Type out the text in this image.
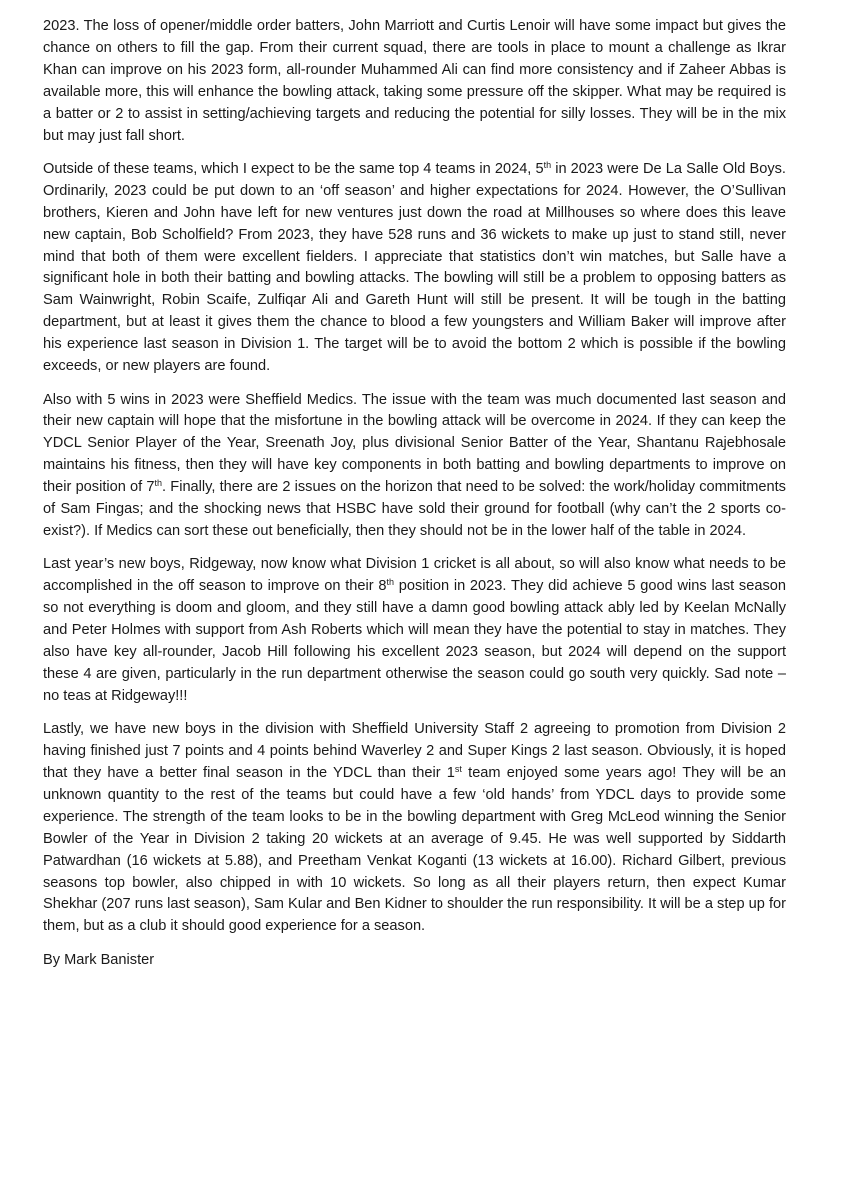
2023. The loss of opener/middle order batters, John Marriott and Curtis Lenoir will have some impact but gives the chance on others to fill the gap. From their current squad, there are tools in place to mount a challenge as Ikrar Khan can improve on his 2023 form, all-rounder Muhammed Ali can find more consistency and if Zaheer Abbas is available more, this will enhance the bowling attack, taking some pressure off the skipper. What may be required is a batter or 2 to assist in setting/achieving targets and reducing the potential for silly losses. They will be in the mix but may just fall short.

Outside of these teams, which I expect to be the same top 4 teams in 2024, 5th in 2023 were De La Salle Old Boys. Ordinarily, 2023 could be put down to an ‘off season’ and higher expectations for 2024. However, the O’Sullivan brothers, Kieren and John have left for new ventures just down the road at Millhouses so where does this leave new captain, Bob Scholfield? From 2023, they have 528 runs and 36 wickets to make up just to stand still, never mind that both of them were excellent fielders. I appreciate that statistics don’t win matches, but Salle have a significant hole in both their batting and bowling attacks. The bowling will still be a problem to opposing batters as Sam Wainwright, Robin Scaife, Zulfiqar Ali and Gareth Hunt will still be present. It will be tough in the batting department, but at least it gives them the chance to blood a few youngsters and William Baker will improve after his experience last season in Division 1. The target will be to avoid the bottom 2 which is possible if the bowling exceeds, or new players are found.

Also with 5 wins in 2023 were Sheffield Medics. The issue with the team was much documented last season and their new captain will hope that the misfortune in the bowling attack will be overcome in 2024. If they can keep the YDCL Senior Player of the Year, Sreenath Joy, plus divisional Senior Batter of the Year, Shantanu Rajebhosale maintains his fitness, then they will have key components in both batting and bowling departments to improve on their position of 7th. Finally, there are 2 issues on the horizon that need to be solved: the work/holiday commitments of Sam Fingas; and the shocking news that HSBC have sold their ground for football (why can’t the 2 sports co-exist?). If Medics can sort these out beneficially, then they should not be in the lower half of the table in 2024.

Last year’s new boys, Ridgeway, now know what Division 1 cricket is all about, so will also know what needs to be accomplished in the off season to improve on their 8th position in 2023. They did achieve 5 good wins last season so not everything is doom and gloom, and they still have a damn good bowling attack ably led by Keelan McNally and Peter Holmes with support from Ash Roberts which will mean they have the potential to stay in matches. They also have key all-rounder, Jacob Hill following his excellent 2023 season, but 2024 will depend on the support these 4 are given, particularly in the run department otherwise the season could go south very quickly. Sad note – no teas at Ridgeway!!!

Lastly, we have new boys in the division with Sheffield University Staff 2 agreeing to promotion from Division 2 having finished just 7 points and 4 points behind Waverley 2 and Super Kings 2 last season. Obviously, it is hoped that they have a better final season in the YDCL than their 1st team enjoyed some years ago! They will be an unknown quantity to the rest of the teams but could have a few ‘old hands’ from YDCL days to provide some experience. The strength of the team looks to be in the bowling department with Greg McLeod winning the Senior Bowler of the Year in Division 2 taking 20 wickets at an average of 9.45. He was well supported by Siddarth Patwardhan (16 wickets at 5.88), and Preetham Venkat Koganti (13 wickets at 16.00). Richard Gilbert, previous seasons top bowler, also chipped in with 10 wickets. So long as all their players return, then expect Kumar Shekhar (207 runs last season), Sam Kular and Ben Kidner to shoulder the run responsibility. It will be a step up for them, but as a club it should good experience for a season.

By Mark Banister
